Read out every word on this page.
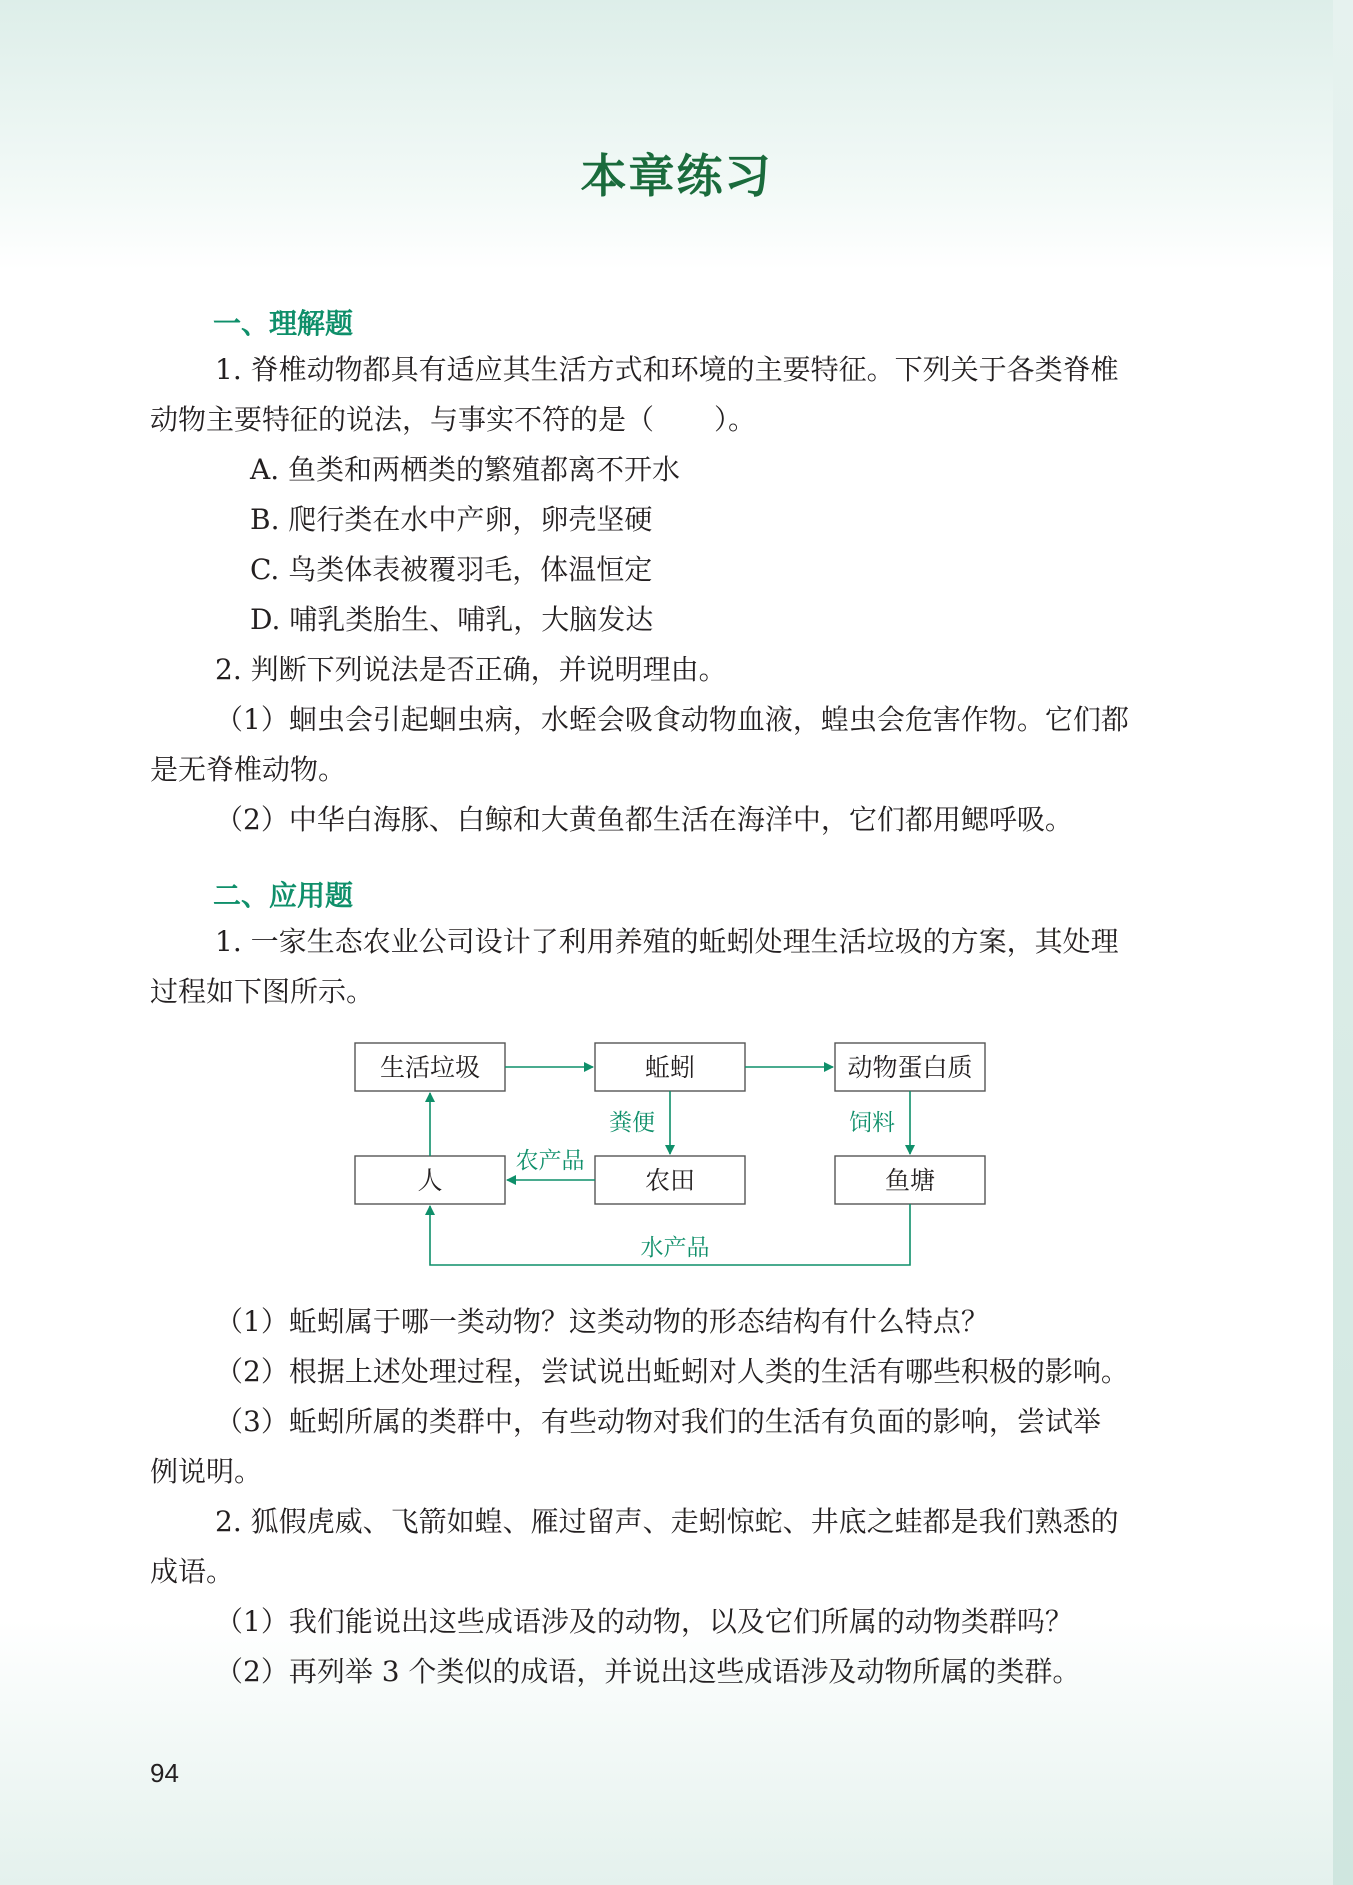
本章练习
一、理解题
1. 脊椎动物都具有适应其生活方式和环境的主要特征。下列关于各类脊椎
动物主要特征的说法，与事实不符的是（ ）。
A. 鱼类和两栖类的繁殖都离不开水
B. 爬行类在水中产卵，卵壳坚硬
C. 鸟类体表被覆羽毛，体温恒定
D. 哺乳类胎生、哺乳，大脑发达
2. 判断下列说法是否正确，并说明理由。
（1）蛔虫会引起蛔虫病，水蛭会吸食动物血液，蝗虫会危害作物。它们都
是无脊椎动物。
（2）中华白海豚、白鲸和大黄鱼都生活在海洋中，它们都用鳃呼吸。
二、应用题
1. 一家生态农业公司设计了利用养殖的蚯蚓处理生活垃圾的方案，其处理
过程如下图所示。
生活垃圾	蚯蚓	动物蛋白质
人	农田	鱼塘
粪便	饲料
农产品
水产品
（1）蚯蚓属于哪一类动物？这类动物的形态结构有什么特点？
（2）根据上述处理过程，尝试说出蚯蚓对人类的生活有哪些积极的影响。
（3）蚯蚓所属的类群中，有些动物对我们的生活有负面的影响，尝试举
例说明。
2. 狐假虎威、飞箭如蝗、雁过留声、走蚓惊蛇、井底之蛙都是我们熟悉的
成语。
（1）我们能说出这些成语涉及的动物，以及它们所属的动物类群吗？
（2）再列举 3 个类似的成语，并说出这些成语涉及动物所属的类群。
94
